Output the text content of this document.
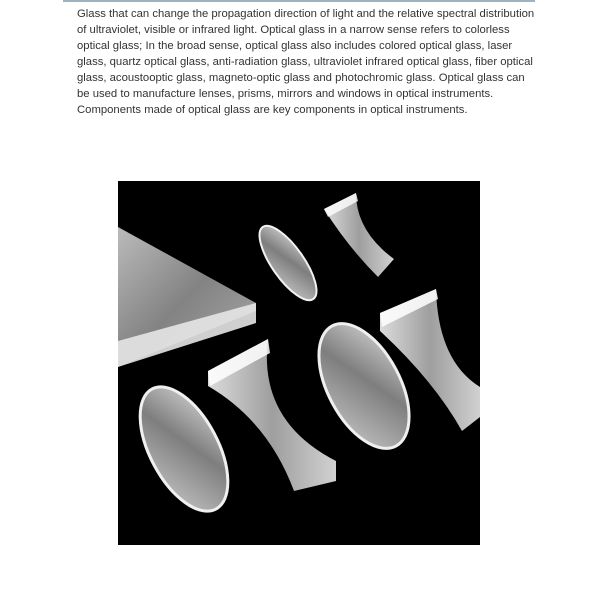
Glass that can change the propagation direction of light and the relative spectral distribution of ultraviolet, visible or infrared light. Optical glass in a narrow sense refers to colorless optical glass; In the broad sense, optical glass also includes colored optical glass, laser glass, quartz optical glass, anti-radiation glass, ultraviolet infrared optical glass, fiber optical glass, acoustooptic glass, magneto-optic glass and photochromic glass. Optical glass can be used to manufacture lenses, prisms, mirrors and windows in optical instruments. Components made of optical glass are key components in optical instruments.
